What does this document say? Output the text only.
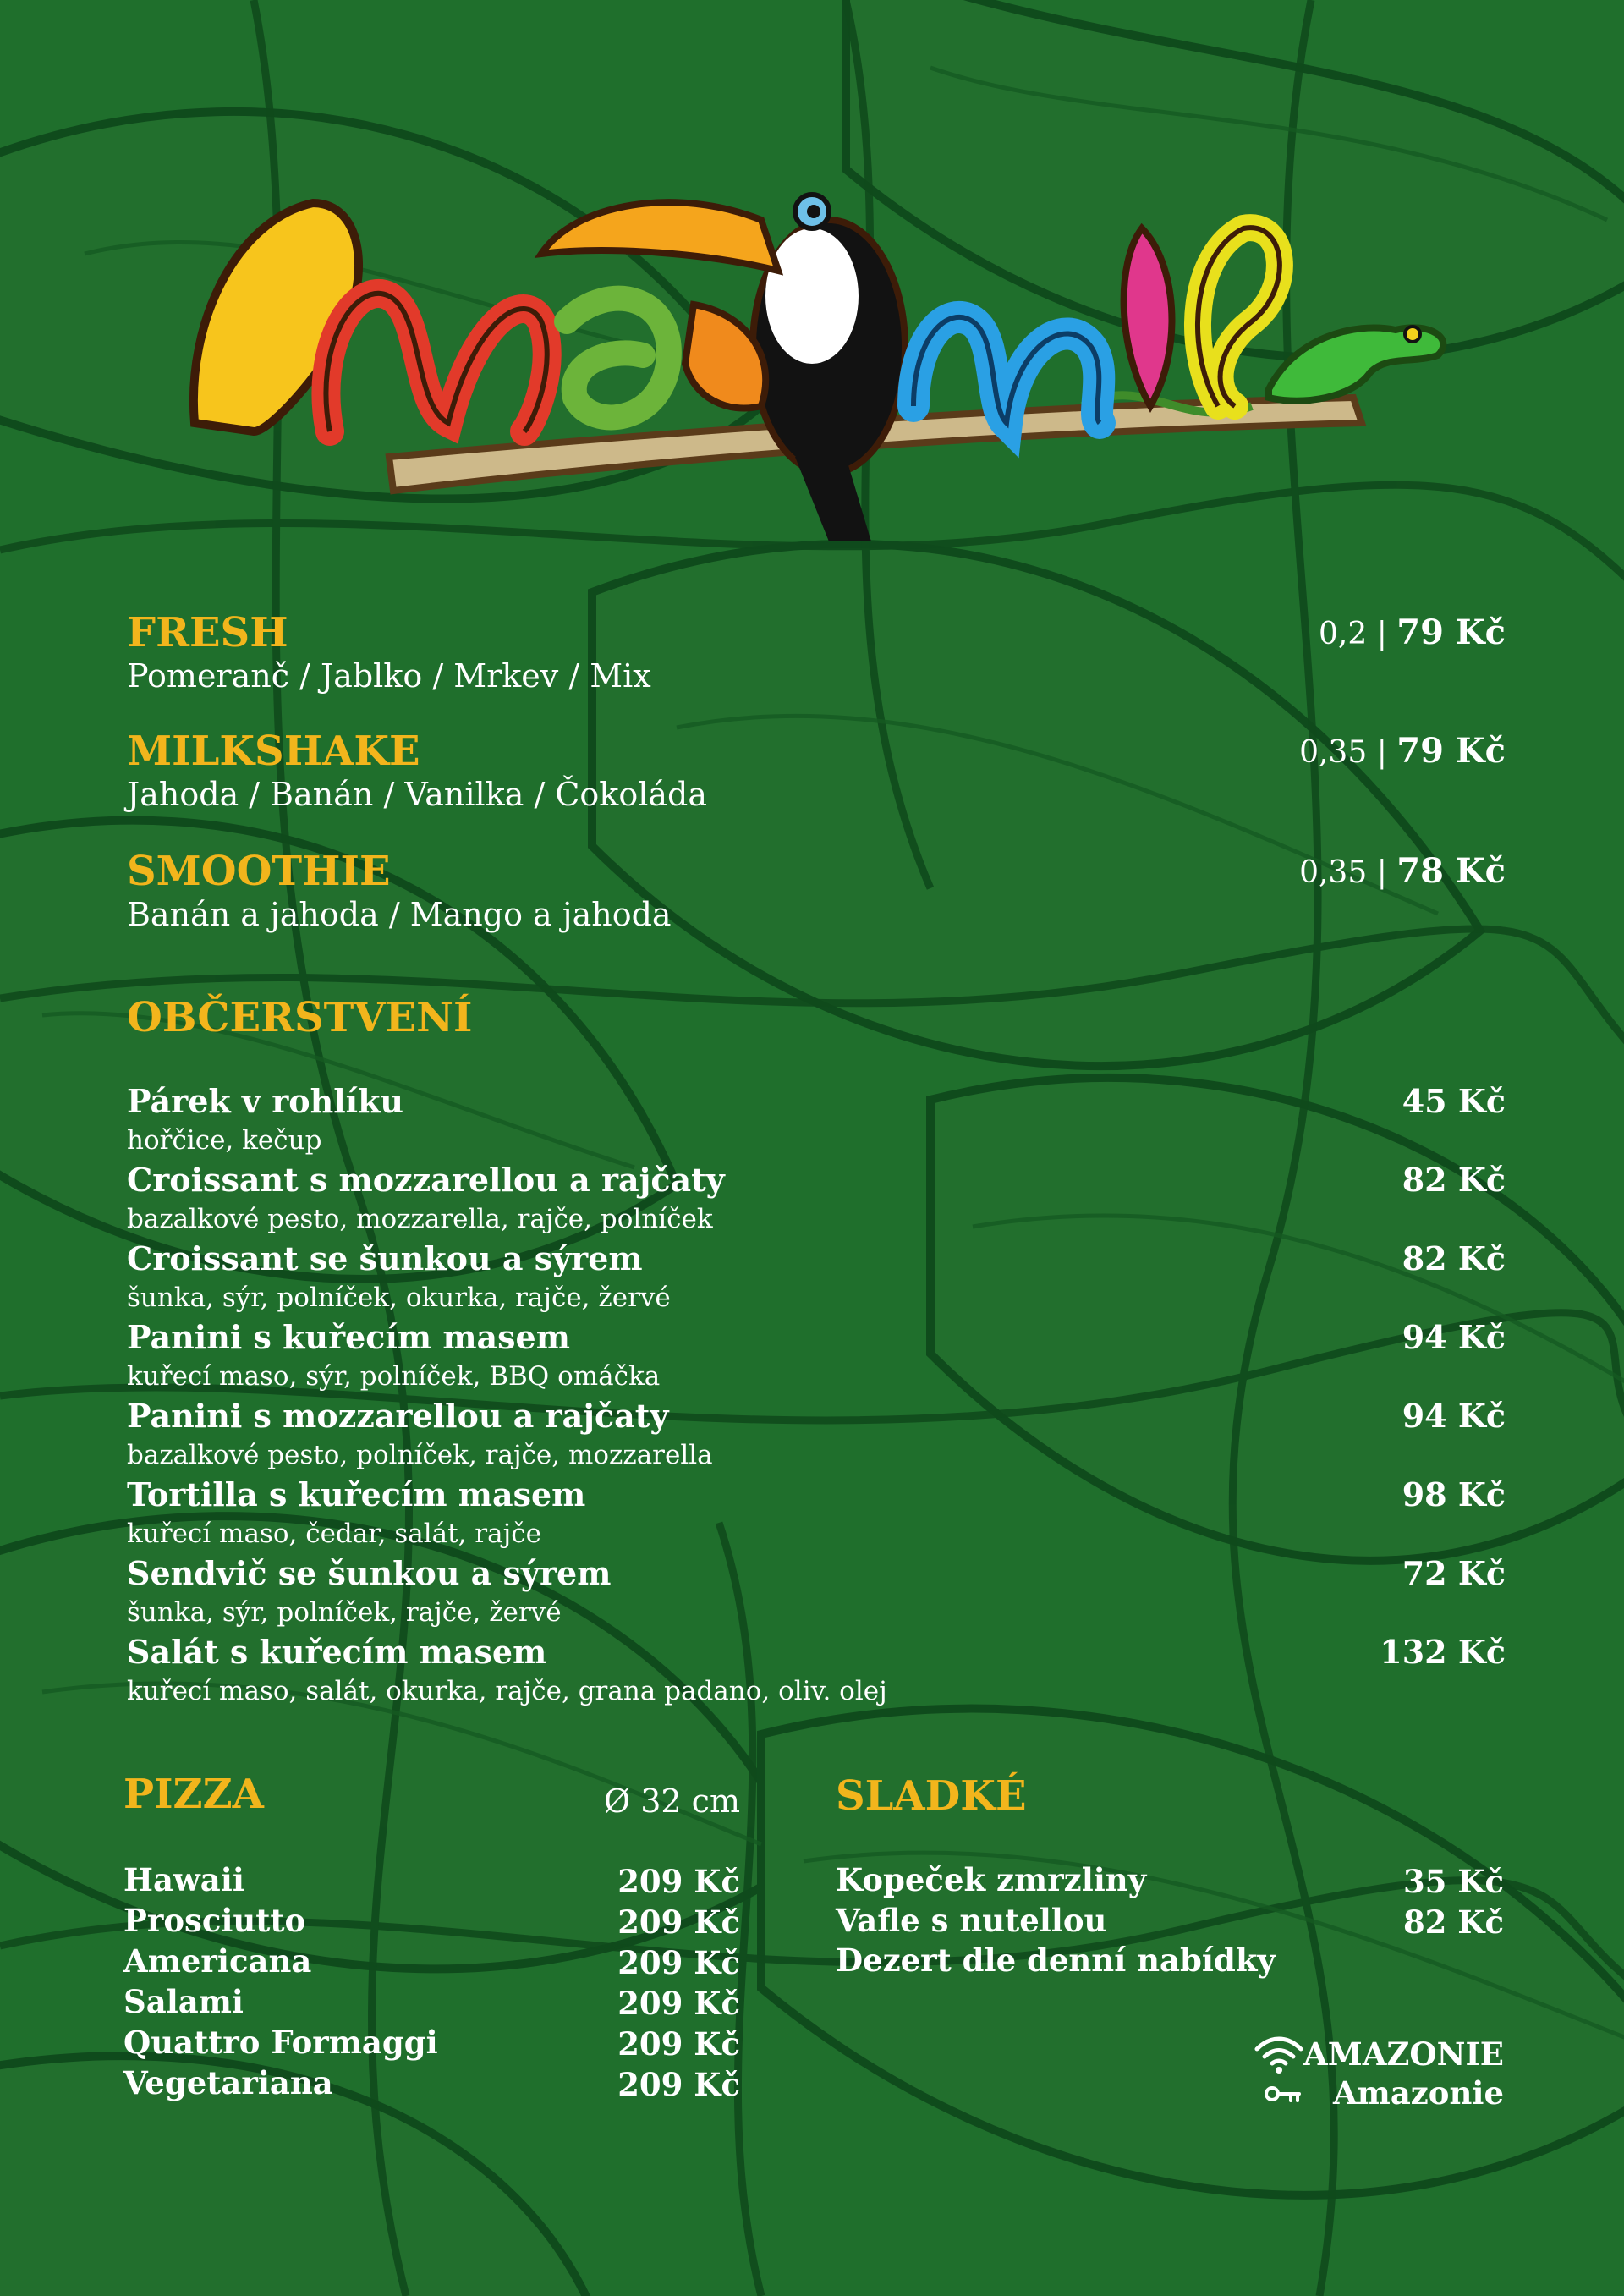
FRESH
Pomeranč / Jablko / Mrkev / Mix
0,2 | 79 Kč
MILKSHAKE
Jahoda / Banán / Vanilka / Čokoláda
0,35 | 79 Kč
SMOOTHIE
Banán a jahoda / Mango a jahoda
0,35 | 78 Kč
OBČERSTVENÍ
Párek v rohlíku	45 Kč
hořčice, kečup
Croissant s mozzarellou a rajčaty	82 Kč
bazalkové pesto, mozzarella, rajče, polníček
Croissant se šunkou a sýrem	82 Kč
šunka, sýr, polníček, okurka, rajče, žervé
Panini s kuřecím masem	94 Kč
kuřecí maso, sýr, polníček, BBQ omáčka
Panini s mozzarellou a rajčaty	94 Kč
bazalkové pesto, polníček, rajče, mozzarella
Tortilla s kuřecím masem	98 Kč
kuřecí maso, čedar, salát, rajče
Sendvič se šunkou a sýrem	72 Kč
šunka, sýr, polníček, rajče, žervé
Salát s kuřecím masem	132 Kč
kuřecí maso, salát, okurka, rajče, grana padano, oliv. olej
PIZZA	Ø 32 cm
Hawaii	209 Kč
Prosciutto	209 Kč
Americana	209 Kč
Salami	209 Kč
Quattro Formaggi	209 Kč
Vegetariana	209 Kč
SLADKÉ
Kopeček zmrzliny	35 Kč
Vafle s nutellou	82 Kč
Dezert dle denní nabídky
AMAZONIE
Amazonie
